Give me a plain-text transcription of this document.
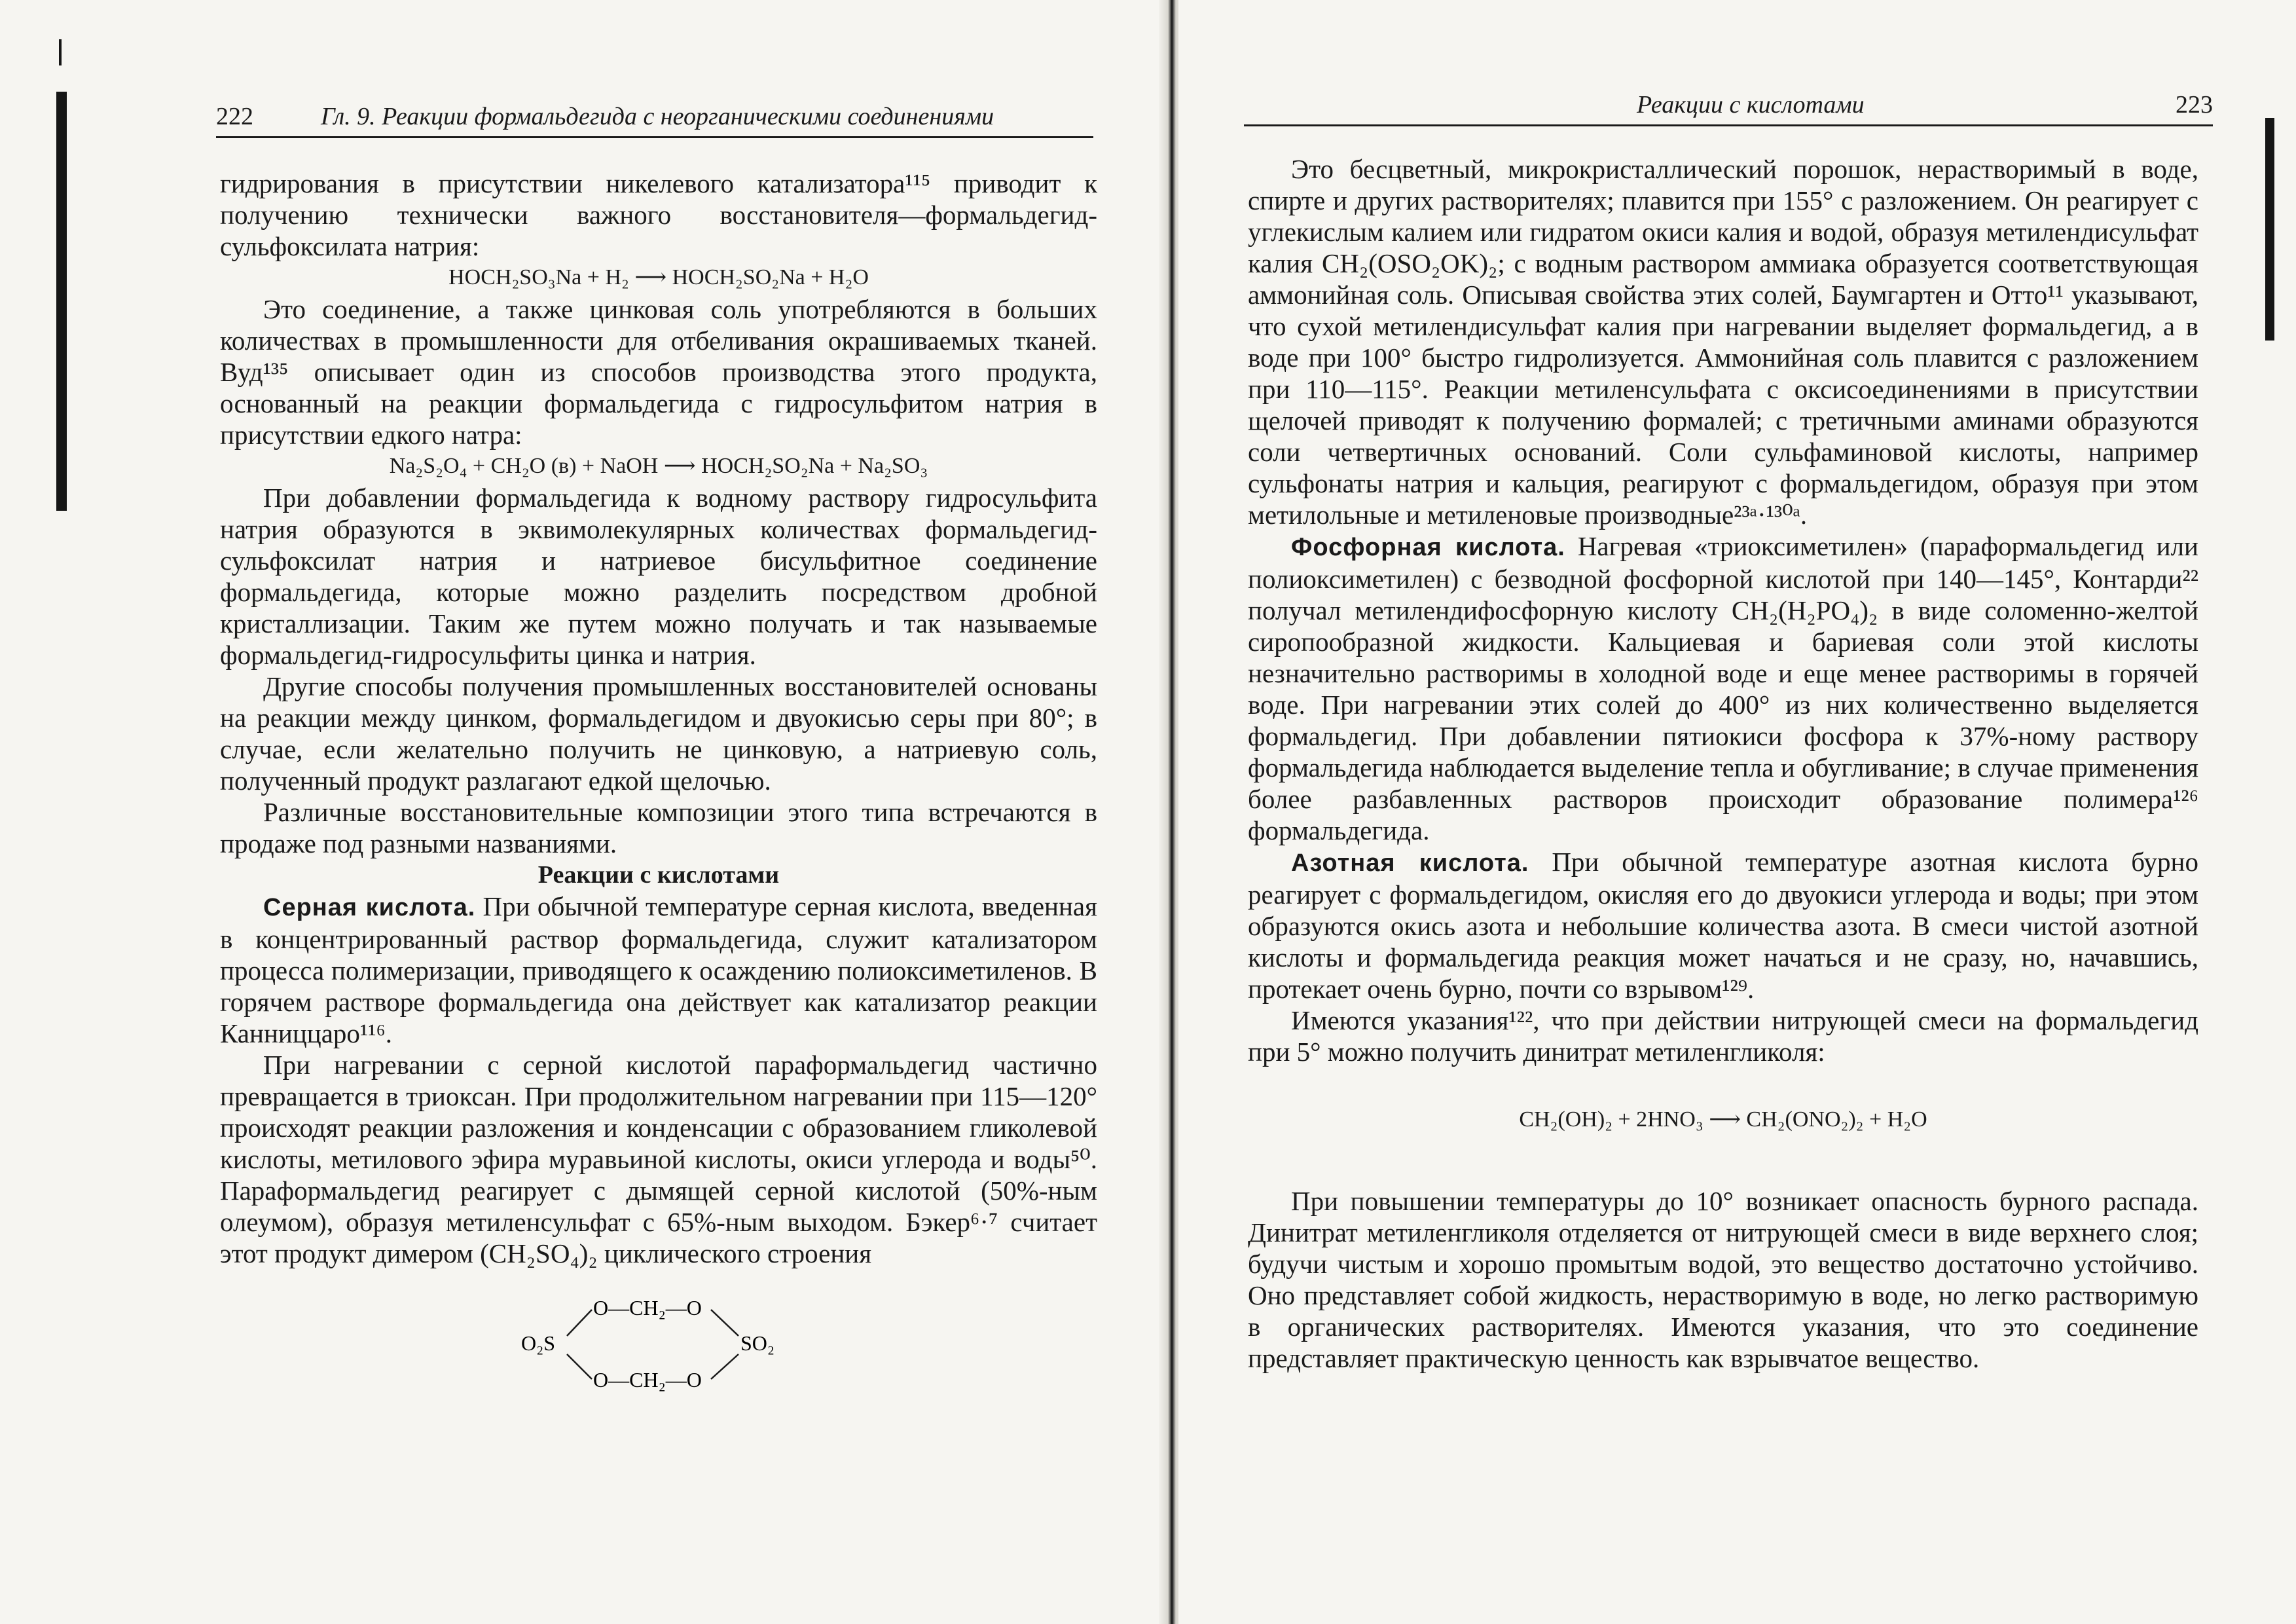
222	Гл. 9. Реакции формальдегида с неорганическими соединениями

гидрирования в присутствии никелевого катализатора¹¹⁵ приводит к получению технически важного восстановителя—формальдегид-сульфоксилата натрия:

HOCH₂SO₃Na + H₂ ⟶ HOCH₂SO₂Na + H₂O

Это соединение, а также цинковая соль употребляются в больших количествах в промышленности для отбеливания окрашиваемых тканей. Вуд¹³⁵ описывает один из способов производства этого продукта, основанный на реакции формальдегида с гидросульфитом натрия в присутствии едкого натра:

Na₂S₂O₄ + CH₂O (в) + NaOH ⟶ HOCH₂SO₂Na + Na₂SO₃

При добавлении формальдегида к водному раствору гидросульфита натрия образуются в эквимолекулярных количествах формальдегид-сульфоксилат натрия и натриевое бисульфитное соединение формальдегида, которые можно разделить посредством дробной кристаллизации. Таким же путем можно получать и так называемые формальдегид-гидросульфиты цинка и натрия.

Другие способы получения промышленных восстановителей основаны на реакции между цинком, формальдегидом и двуокисью серы при 80°; в случае, если желательно получить не цинковую, а натриевую соль, полученный продукт разлагают едкой щелочью.

Различные восстановительные композиции этого типа встречаются в продаже под разными названиями.

Реакции с кислотами

Серная кислота. При обычной температуре серная кислота, введенная в концентрированный раствор формальдегида, служит катализатором процесса полимеризации, приводящего к осаждению полиоксиметиленов. В горячем растворе формальдегида она действует как катализатор реакции Канниццаро¹¹⁶.

При нагревании с серной кислотой параформальдегид частично превращается в триоксан. При продолжительном нагревании при 115—120° происходят реакции разложения и конденсации с образованием гликолевой кислоты, метилового эфира муравьиной кислоты, окиси углерода и воды⁵⁰. Параформальдегид реагирует с дымящей серной кислотой (50%-ным олеумом), образуя метиленсульфат с 65%-ным выходом. Бэкер⁶·⁷ считает этот продукт димером (CH₂SO₄)₂ циклического строения

O₂S	SO₂
O—CH₂—O
O—CH₂—O
Реакции с кислотами	223

Это бесцветный, микрокристаллический порошок, нерастворимый в воде, спирте и других растворителях; плавится при 155° с разложением. Он реагирует с углекислым калием или гидратом окиси калия и водой, образуя метилендисульфат калия CH₂(OSO₂OK)₂; с водным раствором аммиака образуется соответствующая аммонийная соль. Описывая свойства этих солей, Баумгартен и Отто¹¹ указывают, что сухой метилендисульфат калия при нагревании выделяет формальдегид, а в воде при 100° быстро гидролизуется. Аммонийная соль плавится с разложением при 110—115°. Реакции метиленсульфата с оксисоединениями в присутствии щелочей приводят к получению формалей; с третичными аминами образуются соли четвертичных оснований. Соли сульфаминовой кислоты, например сульфонаты натрия и кальция, реагируют с формальдегидом, образуя при этом метилольные и метиленовые производные²³ᵃ·¹³⁰ᵃ.

Фосфорная кислота. Нагревая «триоксиметилен» (параформальдегид или полиоксиметилен) с безводной фосфорной кислотой при 140—145°, Контарди²² получал метилендифосфорную кислоту CH₂(H₂PO₄)₂ в виде соломенно-желтой сиропообразной жидкости. Кальциевая и бариевая соли этой кислоты незначительно растворимы в холодной воде и еще менее растворимы в горячей воде. При нагревании этих солей до 400° из них количественно выделяется формальдегид. При добавлении пятиокиси фосфора к 37%-ному раствору формальдегида наблюдается выделение тепла и обугливание; в случае применения более разбавленных растворов происходит образование полимера¹²⁶ формальдегида.

Азотная кислота. При обычной температуре азотная кислота бурно реагирует с формальдегидом, окисляя его до двуокиси углерода и воды; при этом образуются окись азота и небольшие количества азота. В смеси чистой азотной кислоты и формальдегида реакция может начаться и не сразу, но, начавшись, протекает очень бурно, почти со взрывом¹²⁹.

Имеются указания¹²², что при действии нитрующей смеси на формальдегид при 5° можно получить динитрат метиленгликоля:

CH₂(OH)₂ + 2HNO₃ ⟶ CH₂(ONO₂)₂ + H₂O

При повышении температуры до 10° возникает опасность бурного распада. Динитрат метиленгликоля отделяется от нитрующей смеси в виде верхнего слоя; будучи чистым и хорошо промытым водой, это вещество достаточно устойчиво. Оно представляет собой жидкость, нерастворимую в воде, но легко растворимую в органических растворителях. Имеются указания, что это соединение представляет практическую ценность как взрывчатое вещество.
